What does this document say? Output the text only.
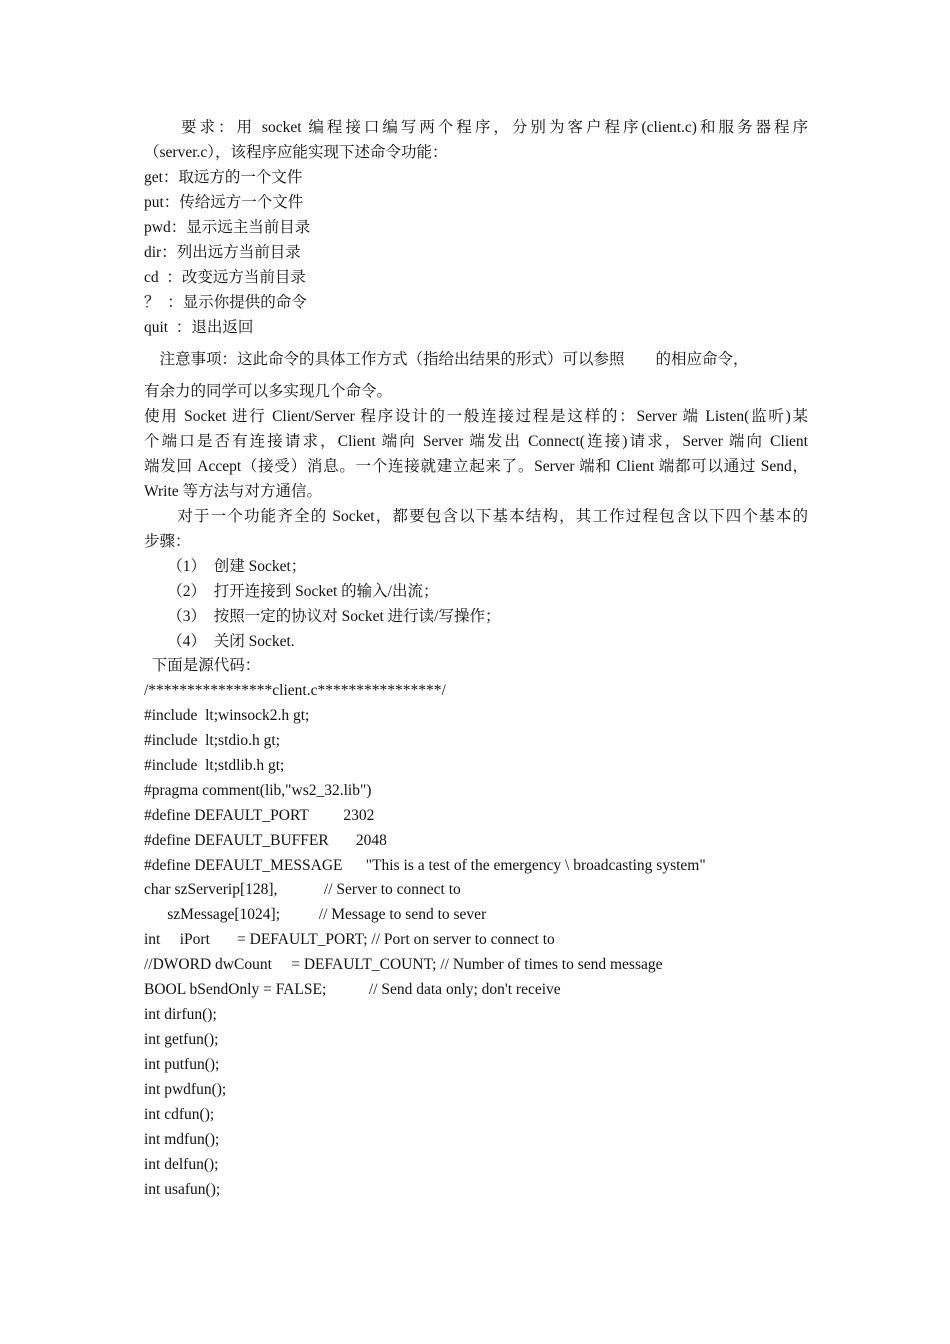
　　要求：用 socket 编程接口编写两个程序，分别为客户程序(client.c)和服务器程序
（server.c），该程序应能实现下述命令功能：
get：取远方的一个文件
put：传给远方一个文件
pwd：显示远主当前目录
dir：列出远方当前目录
cd  ：改变远方当前目录
？  ：显示你提供的命令
quit  ：退出返回
　注意事项：这此命令的具体工作方式（指给出结果的形式）可以参照        的相应命令，
有余力的同学可以多实现几个命令。
使用 Socket 进行 Client/Server 程序设计的一般连接过程是这样的：Server 端 Listen(监听)某
个端口是否有连接请求，Client 端向 Server 端发出 Connect(连接)请求，Server 端向 Client
端发回 Accept（接受）消息。一个连接就建立起来了。Server 端和 Client 端都可以通过 Send，
Write 等方法与对方通信。
　　对于一个功能齐全的 Socket，都要包含以下基本结构，其工作过程包含以下四个基本的
步骤：
　　（1）  创建 Socket；
　　（2）  打开连接到 Socket 的输入/出流；
　　（3）  按照一定的协议对 Socket 进行读/写操作；
　　（4）  关闭 Socket.
下面是源代码：
/****************client.c****************/
#include  lt;winsock2.h gt;
#include  lt;stdio.h gt;
#include  lt;stdlib.h gt;
#pragma comment(lib,"ws2_32.lib")
#define DEFAULT_PORT         2302
#define DEFAULT_BUFFER       2048
#define DEFAULT_MESSAGE      "This is a test of the emergency \ broadcasting system"
char szServerip[128],            // Server to connect to
szMessage[1024];          // Message to send to sever
int     iPort       = DEFAULT_PORT; // Port on server to connect to
//DWORD dwCount     = DEFAULT_COUNT; // Number of times to send message
BOOL bSendOnly = FALSE;           // Send data only; don't receive
int dirfun();
int getfun();
int putfun();
int pwdfun();
int cdfun();
int mdfun();
int delfun();
int usafun();
